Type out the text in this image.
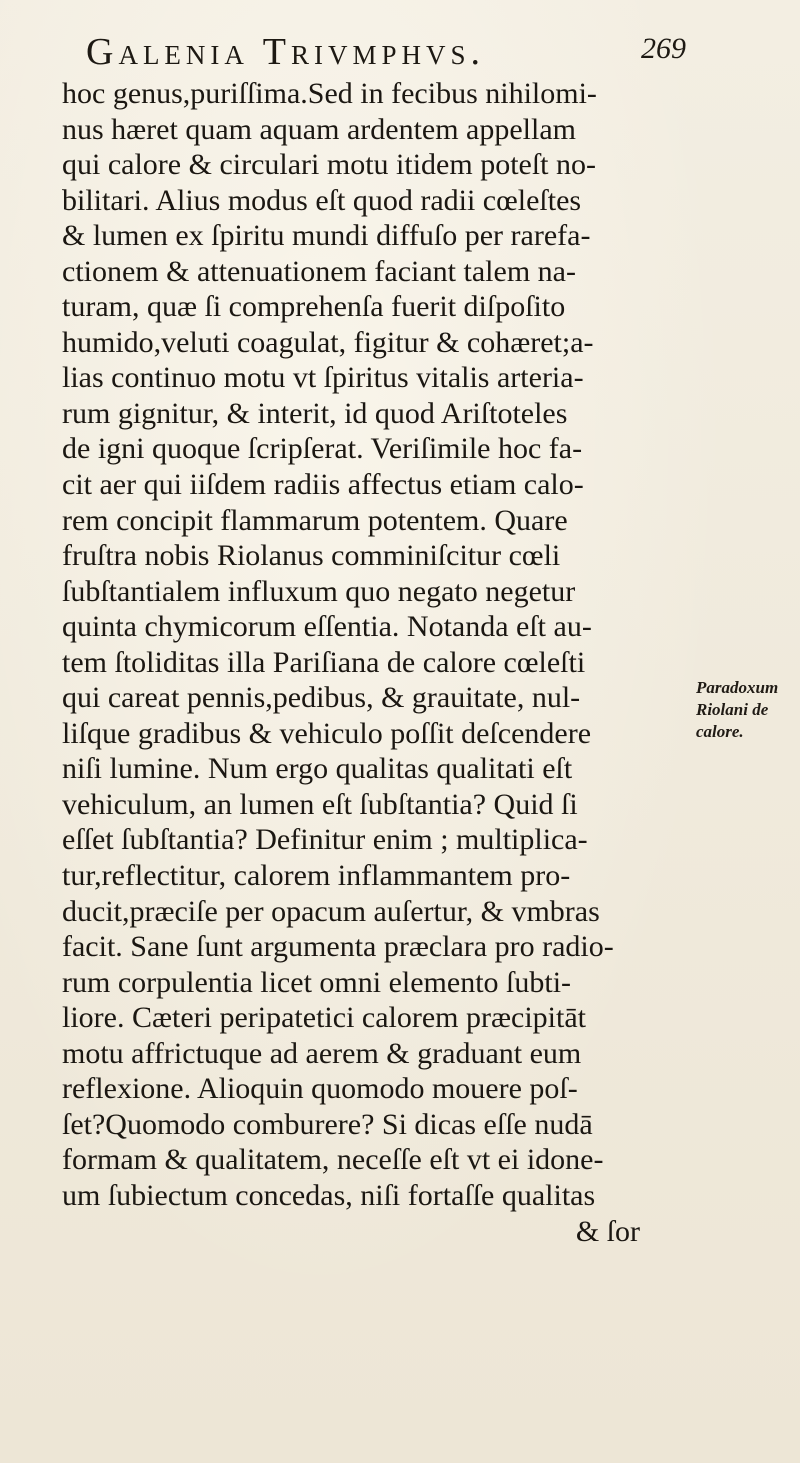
Galenia Trivmphvs.	269
hoc genus,puriſſima.Sed in fecibus nihilomi-
nus hæret quam aquam ardentem appellam
qui calore & circulari motu itidem poteſt no-
bilitari. Alius modus eſt quod radii cœleſtes
& lumen ex ſpiritu mundi diffuſo per rarefa-
ctionem & attenuationem faciant talem na-
turam, quæ ſi comprehenſa fuerit diſpoſito
humido,veluti coagulat, figitur & cohæret;a-
lias continuo motu vt ſpiritus vitalis arteria-
rum gignitur, & interit, id quod Ariſtoteles
de igni quoque ſcripſerat. Veriſimile hoc fa-
cit aer qui iiſdem radiis affectus etiam calo-
rem concipit flammarum potentem. Quare
fruſtra nobis Riolanus comminiſcitur cœli
ſubſtantialem influxum quo negato negetur
quinta chymicorum eſſentia. Notanda eſt au-
tem ſtoliditas illa Pariſiana de calore cœleſti
qui careat pennis,pedibus, & grauitate, nul-
liſque gradibus & vehiculo poſſit deſcendere
niſi lumine. Num ergo qualitas qualitati eſt
vehiculum, an lumen eſt ſubſtantia? Quid ſi
eſſet ſubſtantia? Definitur enim ; multiplica-
tur,reflectitur, calorem inflammantem pro-
ducit,præciſe per opacum auſertur, & vmbras
facit. Sane ſunt argumenta præclara pro radio-
rum corpulentia licet omni elemento ſubti-
liore. Cæteri peripatetici calorem præcipitāt
motu affrictuque ad aerem & graduant eum
reflexione. Alioquin quomodo mouere poſ-
ſet?Quomodo comburere? Si dicas eſſe nudā
formam & qualitatem, neceſſe eſt vt ei idone-
um ſubiectum concedas, niſi fortaſſe qualitas
& ſor
Paradoxum
Riolani de
calore.
